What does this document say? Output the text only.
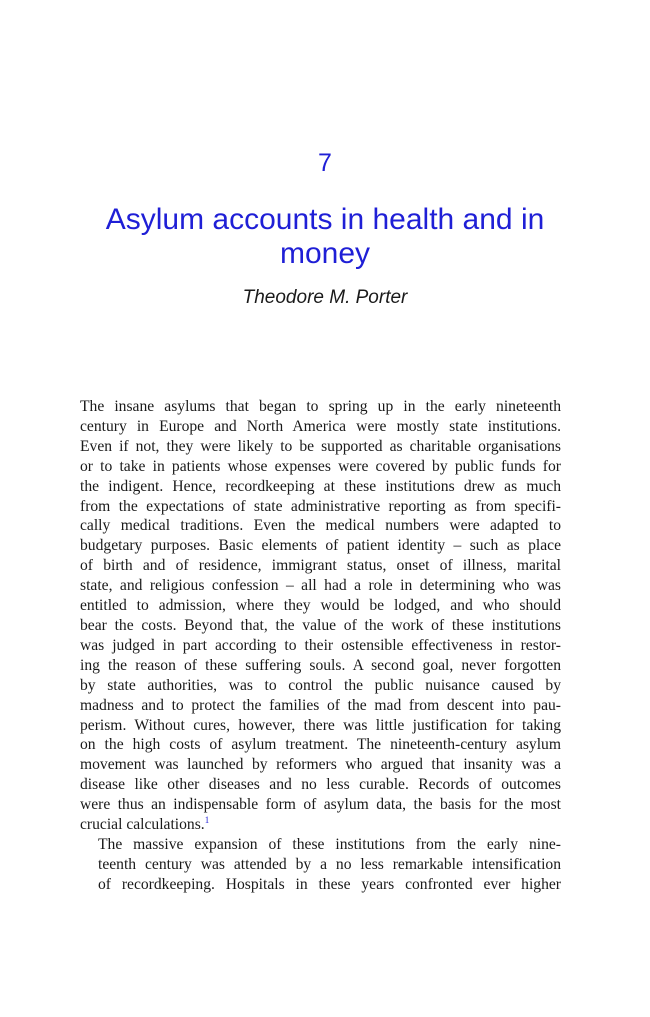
7
Asylum accounts in health and in money
Theodore M. Porter

The insane asylums that began to spring up in the early nineteenth
century in Europe and North America were mostly state institutions.
Even if not, they were likely to be supported as charitable organisations
or to take in patients whose expenses were covered by public funds for
the indigent. Hence, recordkeeping at these institutions drew as much
from the expectations of state administrative reporting as from specifi-
cally medical traditions. Even the medical numbers were adapted to
budgetary purposes. Basic elements of patient identity – such as place
of birth and of residence, immigrant status, onset of illness, marital
state, and religious confession – all had a role in determining who was
entitled to admission, where they would be lodged, and who should
bear the costs. Beyond that, the value of the work of these institutions
was judged in part according to their ostensible effectiveness in restor-
ing the reason of these suffering souls. A second goal, never forgotten
by state authorities, was to control the public nuisance caused by
madness and to protect the families of the mad from descent into pau-
perism. Without cures, however, there was little justification for taking
on the high costs of asylum treatment. The nineteenth-century asylum
movement was launched by reformers who argued that insanity was a
disease like other diseases and no less curable. Records of outcomes
were thus an indispensable form of asylum data, the basis for the most
crucial calculations.$^1$

The massive expansion of these institutions from the early nine-
teenth century was attended by a no less remarkable intensification
of recordkeeping. Hospitals in these years confronted ever higher
